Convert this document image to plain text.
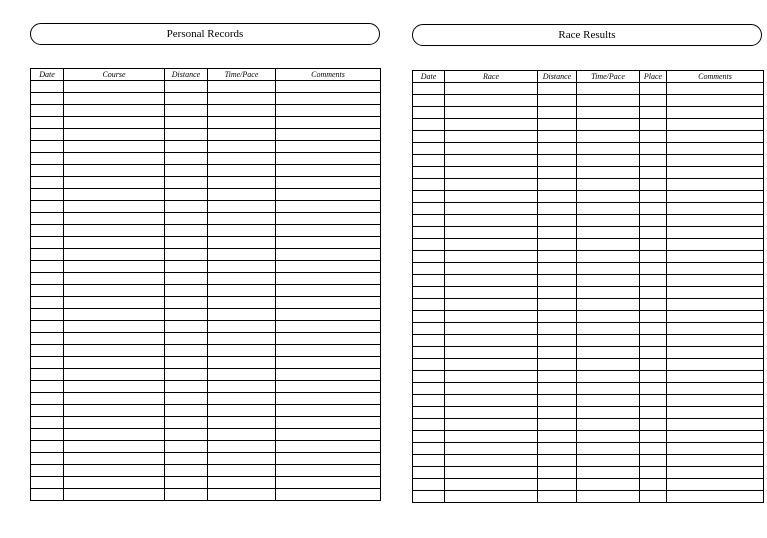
Personal Records
Date	Course	Distance	Time/Pace	Comments

Race Results
Date	Race	Distance	Time/Pace	Place	Comments
